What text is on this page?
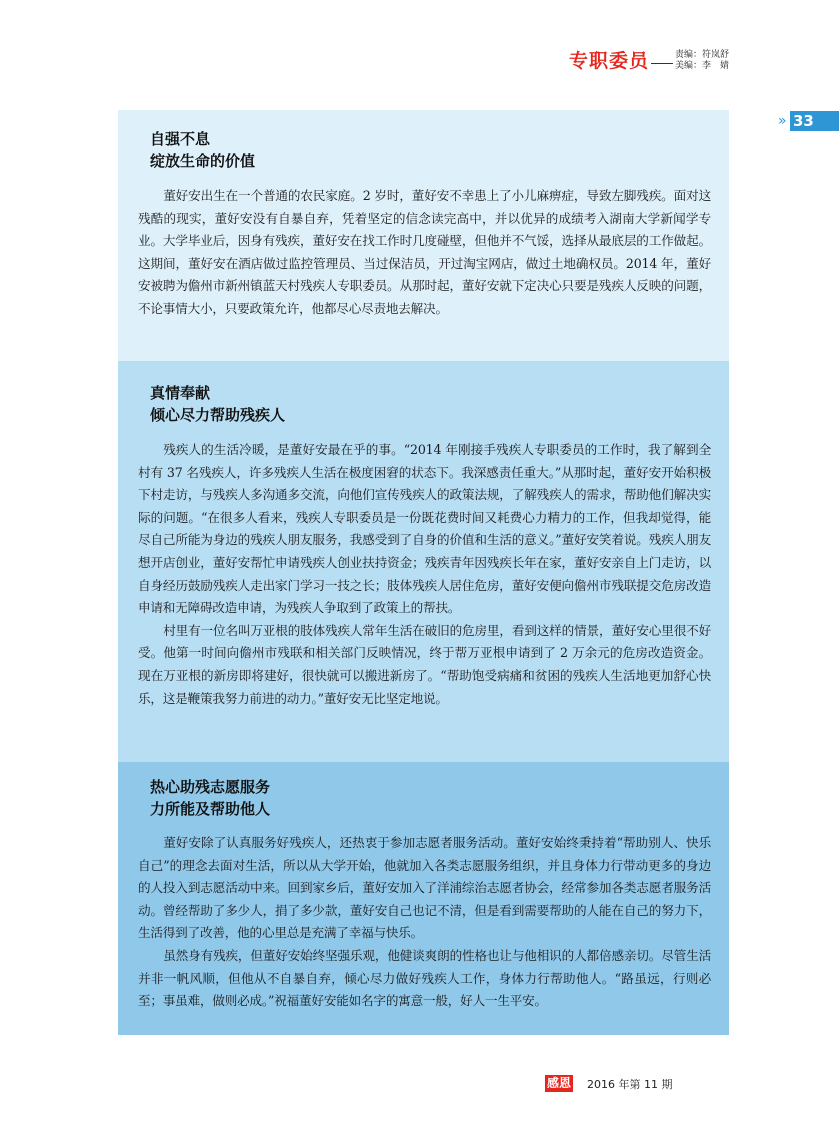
专职委员	责编：符岚舒
美编：李　婧
» 33
自强不息
绽放生命的价值

董好安出生在一个普通的农民家庭。2 岁时，董好安不幸患上了小儿麻痹症，导致左脚残疾。面对这残酷的现实，董好安没有自暴自弃，凭着坚定的信念读完高中，并以优异的成绩考入湖南大学新闻学专业。大学毕业后，因身有残疾，董好安在找工作时几度碰壁，但他并不气馁，选择从最底层的工作做起。这期间，董好安在酒店做过监控管理员、当过保洁员，开过淘宝网店，做过土地确权员。2014 年，董好安被聘为儋州市新州镇蓝天村残疾人专职委员。从那时起，董好安就下定决心只要是残疾人反映的问题，不论事情大小，只要政策允许，他都尽心尽责地去解决。

真情奉献
倾心尽力帮助残疾人

残疾人的生活冷暖，是董好安最在乎的事。“2014 年刚接手残疾人专职委员的工作时，我了解到全村有 37 名残疾人，许多残疾人生活在极度困窘的状态下。我深感责任重大。”从那时起，董好安开始积极下村走访，与残疾人多沟通多交流，向他们宣传残疾人的政策法规，了解残疾人的需求，帮助他们解决实际的问题。“在很多人看来，残疾人专职委员是一份既花费时间又耗费心力精力的工作，但我却觉得，能尽自己所能为身边的残疾人朋友服务，我感受到了自身的价值和生活的意义。”董好安笑着说。残疾人朋友想开店创业，董好安帮忙申请残疾人创业扶持资金；残疾青年因残疾长年在家，董好安亲自上门走访，以自身经历鼓励残疾人走出家门学习一技之长；肢体残疾人居住危房，董好安便向儋州市残联提交危房改造申请和无障碍改造申请，为残疾人争取到了政策上的帮扶。

村里有一位名叫万亚根的肢体残疾人常年生活在破旧的危房里，看到这样的情景，董好安心里很不好受。他第一时间向儋州市残联和相关部门反映情况，终于帮万亚根申请到了 2 万余元的危房改造资金。现在万亚根的新房即将建好，很快就可以搬进新房了。“帮助饱受病痛和贫困的残疾人生活地更加舒心快乐，这是鞭策我努力前进的动力。”董好安无比坚定地说。

热心助残志愿服务
力所能及帮助他人

董好安除了认真服务好残疾人，还热衷于参加志愿者服务活动。董好安始终秉持着“帮助别人、快乐自己”的理念去面对生活，所以从大学开始，他就加入各类志愿服务组织，并且身体力行带动更多的身边的人投入到志愿活动中来。回到家乡后，董好安加入了洋浦综治志愿者协会，经常参加各类志愿者服务活动。曾经帮助了多少人，捐了多少款，董好安自己也记不清，但是看到需要帮助的人能在自己的努力下，生活得到了改善，他的心里总是充满了幸福与快乐。

虽然身有残疾，但董好安始终坚强乐观，他健谈爽朗的性格也让与他相识的人都倍感亲切。尽管生活并非一帆风顺，但他从不自暴自弃，倾心尽力做好残疾人工作，身体力行帮助他人。“路虽远，行则必至；事虽难，做则必成。”祝福董好安能如名字的寓意一般，好人一生平安。

感恩 2016 年第 11 期
